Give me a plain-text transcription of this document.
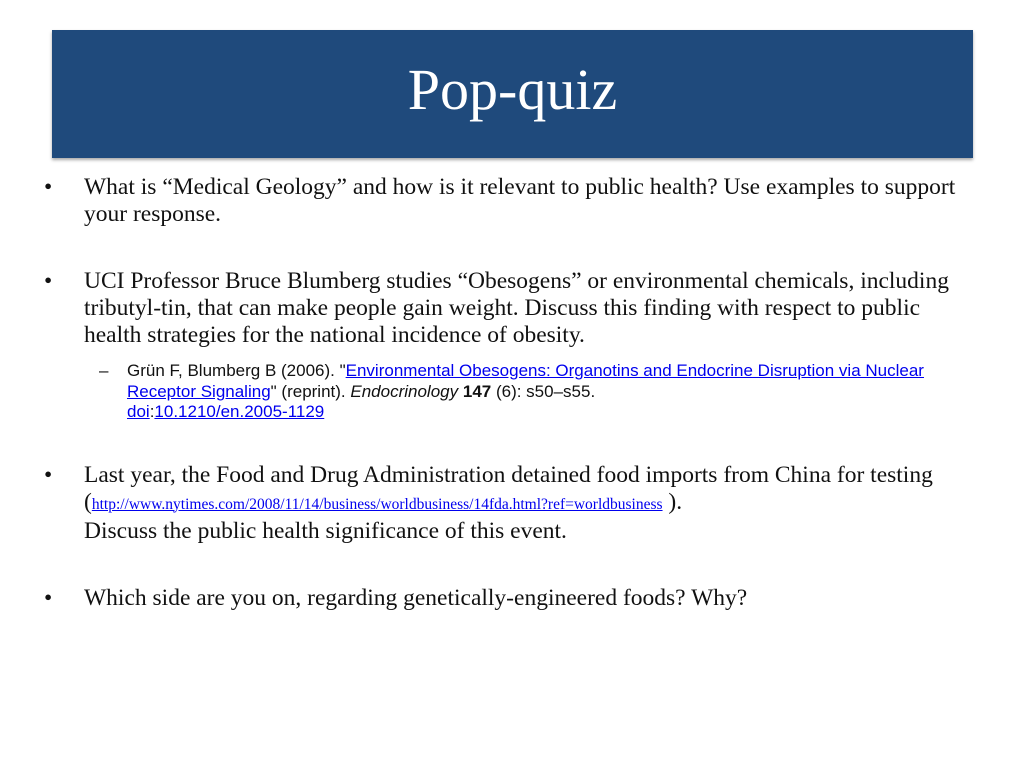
Pop-quiz
• What is “Medical Geology” and how is it relevant to public health? Use examples to support your response.
• UCI Professor Bruce Blumberg studies “Obesogens” or environmental chemicals, including tributyl-tin, that can make people gain weight. Discuss this finding with respect to public health strategies for the national incidence of obesity.
– Grün F, Blumberg B (2006). "Environmental Obesogens: Organotins and Endocrine Disruption via Nuclear Receptor Signaling" (reprint). Endocrinology 147 (6): s50–s55.
doi:10.1210/en.2005-1129
• Last year, the Food and Drug Administration detained food imports from China for testing
(http://www.nytimes.com/2008/11/14/business/worldbusiness/14fda.html?ref=worldbusiness ).
Discuss the public health significance of this event.
• Which side are you on, regarding genetically-engineered foods? Why?
